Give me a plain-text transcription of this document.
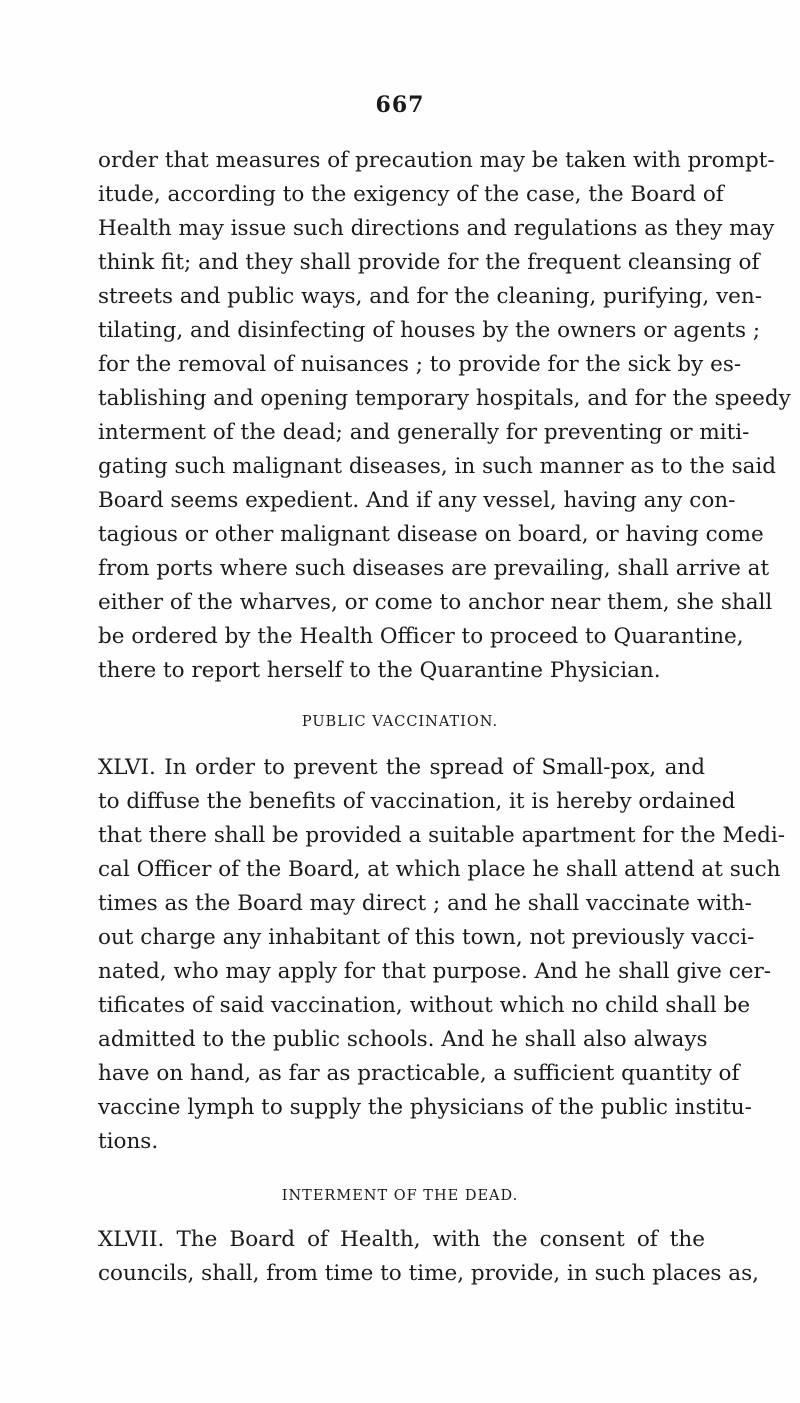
667
order that measures of precaution may be taken with prompt-
itude, according to the exigency of the case, the Board of
Health may issue such directions and regulations as they may
think fit; and they shall provide for the frequent cleansing of
streets and public ways, and for the cleaning, purifying, ven-
tilating, and disinfecting of houses by the owners or agents ;
for the removal of nuisances ; to provide for the sick by es-
tablishing and opening temporary hospitals, and for the speedy
interment of the dead; and generally for preventing or miti-
gating such malignant diseases, in such manner as to the said
Board seems expedient. And if any vessel, having any con-
tagious or other malignant disease on board, or having come
from ports where such diseases are prevailing, shall arrive at
either of the wharves, or come to anchor near them, she shall
be ordered by the Health Officer to proceed to Quarantine,
there to report herself to the Quarantine Physician.
PUBLIC VACCINATION.
XLVI. In order to prevent the spread of Small-pox, and
to diffuse the benefits of vaccination, it is hereby ordained
that there shall be provided a suitable apartment for the Medi-
cal Officer of the Board, at which place he shall attend at such
times as the Board may direct ; and he shall vaccinate with-
out charge any inhabitant of this town, not previously vacci-
nated, who may apply for that purpose. And he shall give cer-
tificates of said vaccination, without which no child shall be
admitted to the public schools. And he shall also always
have on hand, as far as practicable, a sufficient quantity of
vaccine lymph to supply the physicians of the public institu-
tions.
INTERMENT OF THE DEAD.
XLVII. The Board of Health, with the consent of the
councils, shall, from time to time, provide, in such places as,
